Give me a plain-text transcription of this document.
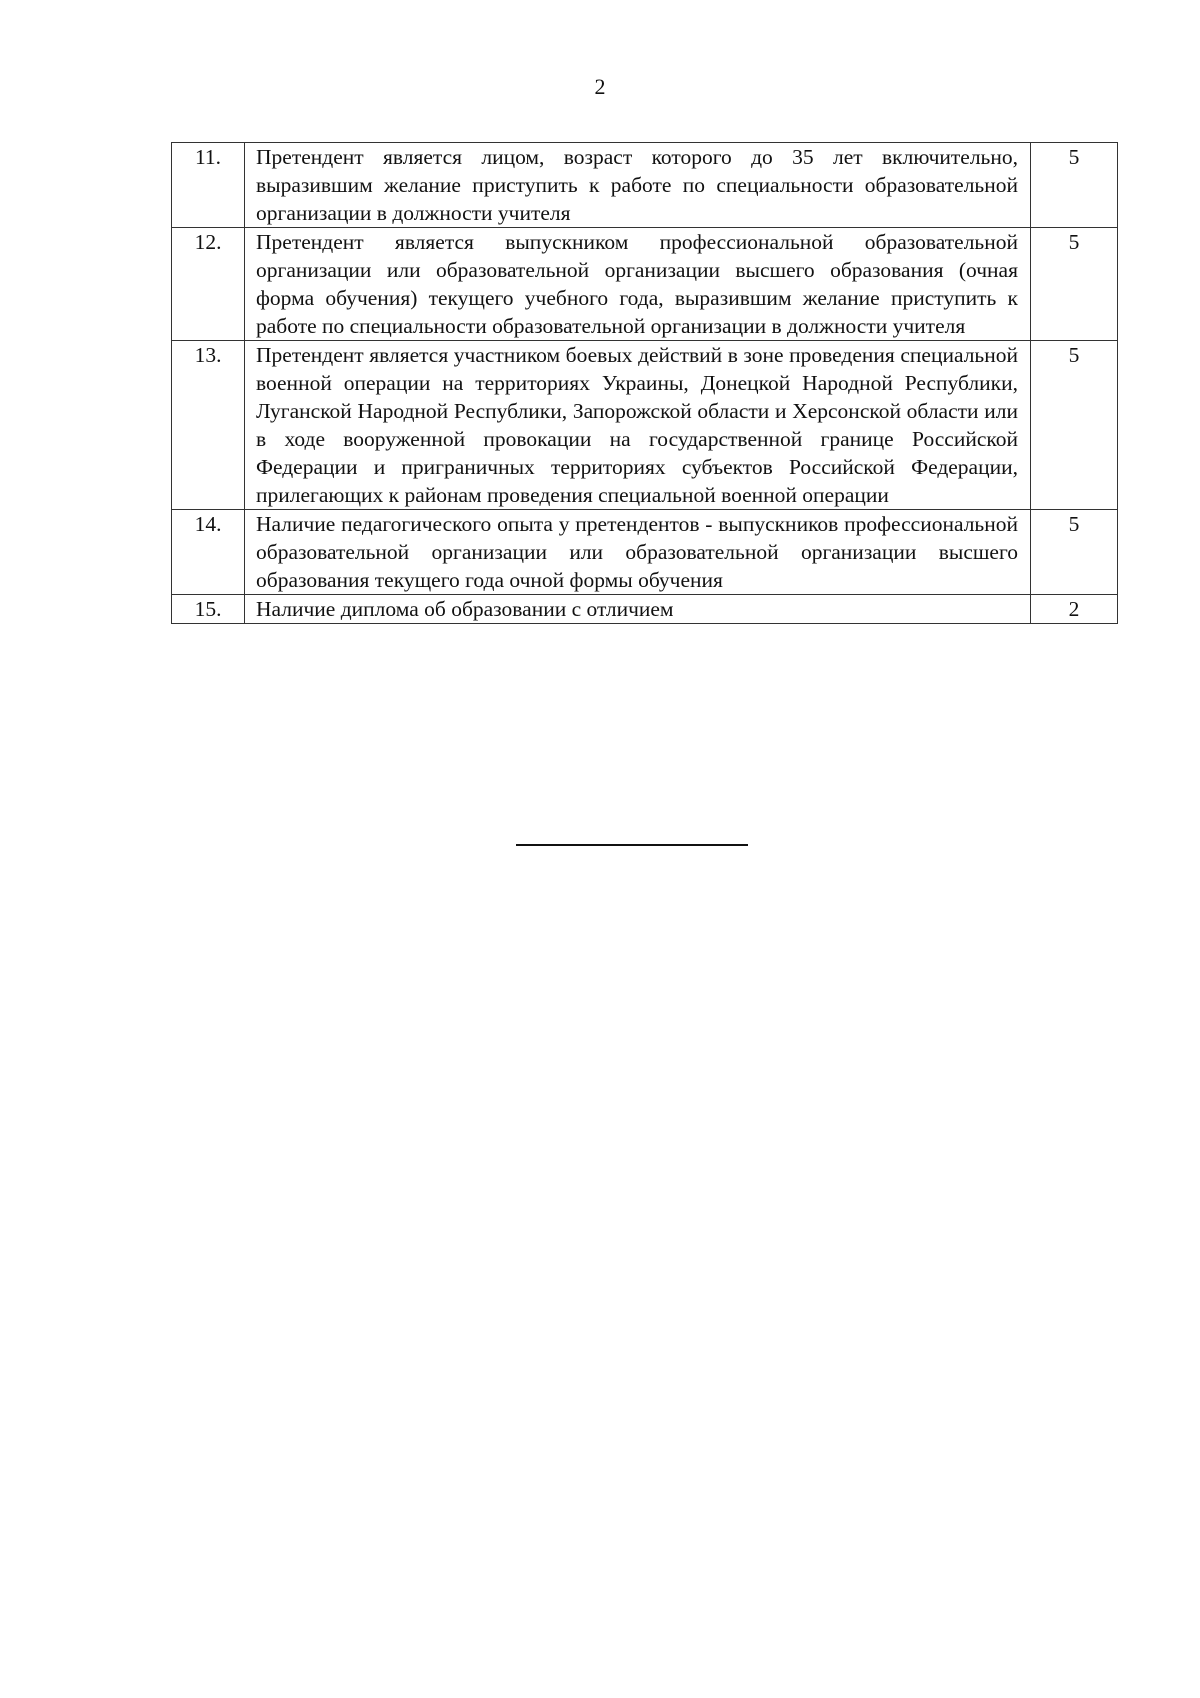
2
11.	Претендент является лицом, возраст которого до 35 лет включительно, выразившим желание приступить к работе по специальности образовательной организации в должности учителя	5
12.	Претендент является выпускником профессиональной образовательной организации или образовательной организации высшего образования (очная форма обучения) текущего учебного года, выразившим желание приступить к работе по специальности образовательной организации в должности учителя	5
13.	Претендент является участником боевых действий в зоне проведения специальной военной операции на территориях Украины, Донецкой Народной Республики, Луганской Народной Республики, Запорожской области и Херсонской области или в ходе вооруженной провокации на государственной границе Российской Федерации и приграничных территориях субъектов Российской Федерации, прилегающих к районам проведения специальной военной операции	5
14.	Наличие педагогического опыта у претендентов - выпускников профессиональной образовательной организации или образовательной организации высшего образования текущего года очной формы обучения	5
15.	Наличие диплома об образовании с отличием	2
